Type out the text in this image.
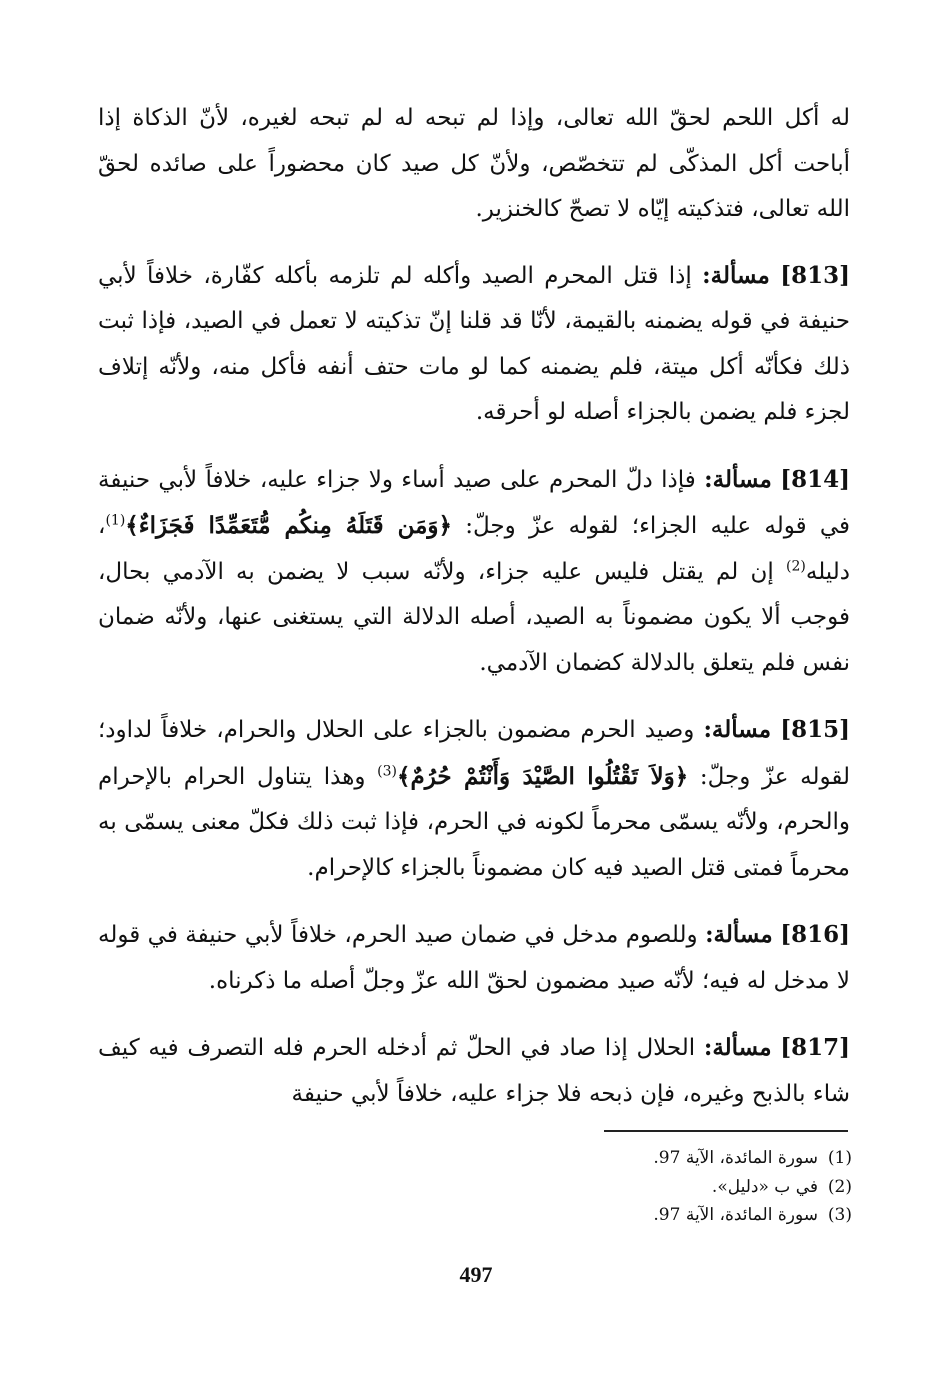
له أكل اللحم لحقّ الله تعالى، وإذا لم تبحه له لم تبحه لغيره، لأنّ الذكاة إذا أباحت أكل المذكّى لم تتخصّص، ولأنّ كل صيد كان محضوراً على صائده لحقّ الله تعالى، فتذكيته إيّاه لا تصحّ كالخنزير.

[813] مسألة: إذا قتل المحرم الصيد وأكله لم تلزمه بأكله كفّارة، خلافاً لأبي حنيفة في قوله يضمنه بالقيمة، لأنّا قد قلنا إنّ تذكيته لا تعمل في الصيد، فإذا ثبت ذلك فكأنّه أكل ميتة، فلم يضمنه كما لو مات حتف أنفه فأكل منه، ولأنّه إتلاف لجزء فلم يضمن بالجزاء أصله لو أحرقه.

[814] مسألة: فإذا دلّ المحرم على صيد أساء ولا جزاء عليه، خلافاً لأبي حنيفة في قوله عليه الجزاء؛ لقوله عزّ وجلّ: ﴿وَمَن قَتَلَهُ مِنكُم مُّتَعَمِّدًا فَجَزَاءٌ﴾$^{(1)}$، دليله$^{(2)}$ إن لم يقتل فليس عليه جزاء، ولأنّه سبب لا يضمن به الآدمي بحال، فوجب ألا يكون مضموناً به الصيد، أصله الدلالة التي يستغنى عنها، ولأنّه ضمان نفس فلم يتعلق بالدلالة كضمان الآدمي.

[815] مسألة: وصيد الحرم مضمون بالجزاء على الحلال والحرام، خلافاً لداود؛ لقوله عزّ وجلّ: ﴿وَلاَ تَقْتُلُوا الصَّيْدَ وَأَنْتُمْ حُرُمٌ﴾$^{(3)}$ وهذا يتناول الحرام بالإحرام والحرم، ولأنّه يسمّى محرماً لكونه في الحرم، فإذا ثبت ذلك فكلّ معنى يسمّى به محرماً فمتى قتل الصيد فيه كان مضموناً بالجزاء كالإحرام.

[816] مسألة: وللصوم مدخل في ضمان صيد الحرم، خلافاً لأبي حنيفة في قوله لا مدخل له فيه؛ لأنّه صيد مضمون لحقّ الله عزّ وجلّ أصله ما ذكرناه.

[817] مسألة: الحلال إذا صاد في الحلّ ثم أدخله الحرم فله التصرف فيه كيف شاء بالذبح وغيره، فإن ذبحه فلا جزاء عليه، خلافاً لأبي حنيفة

(1)سورة المائدة، الآية 97.
(2)في ب «دليل».
(3)سورة المائدة، الآية 97.
497
